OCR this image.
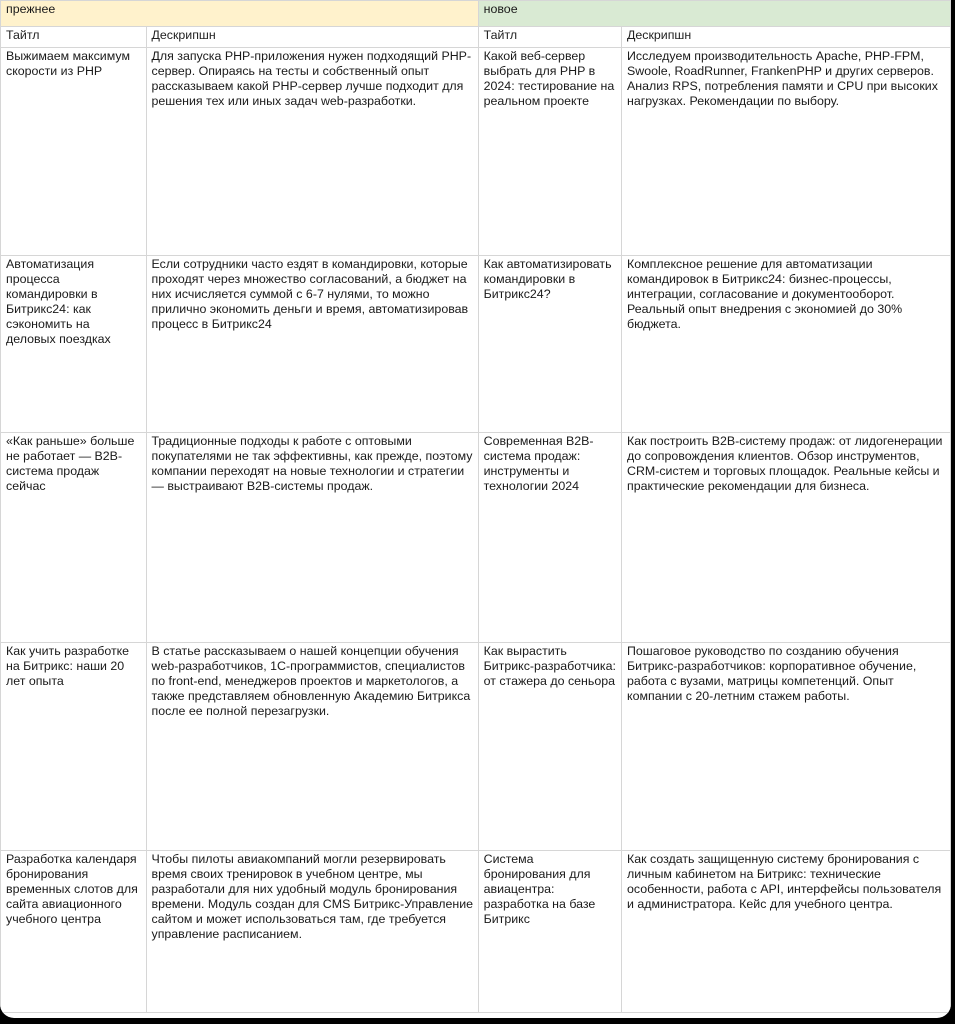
прежнее		новое	
Тайтл	Дескрипшн	Тайтл	Дескрипшн
Выжимаем максимум скорости из PHP	Для запуска PHP-приложения нужен подходящий PHP-сервер. Опираясь на тесты и собственный опыт рассказываем какой PHP-сервер лучше подходит для решения тех или иных задач web-разработки.	Какой веб-сервер выбрать для PHP в 2024: тестирование на реальном проекте	Исследуем производительность Apache, PHP-FPM, Swoole, RoadRunner, FrankenPHP и других серверов. Анализ RPS, потребления памяти и CPU при высоких нагрузках. Рекомендации по выбору.
Автоматизация процесса командировки в Битрикс24: как сэкономить на деловых поездках	Если сотрудники часто ездят в командировки, которые проходят через множество согласований, а бюджет на них исчисляется суммой с 6-7 нулями, то можно прилично экономить деньги и время, автоматизировав процесс в Битрикс24	Как автоматизировать командировки в Битрикс24?	Комплексное решение для автоматизации командировок в Битрикс24: бизнес-процессы, интеграции, согласование и документооборот. Реальный опыт внедрения с экономией до 30% бюджета.
«Как раньше» больше не работает — B2B-система продаж сейчас	Традиционные подходы к работе с оптовыми покупателями не так эффективны, как прежде, поэтому компании переходят на новые технологии и стратегии — выстраивают B2B-системы продаж.	Современная B2B-система продаж: инструменты и технологии 2024	Как построить B2B-систему продаж: от лидогенерации до сопровождения клиентов. Обзор инструментов, CRM-систем и торговых площадок. Реальные кейсы и практические рекомендации для бизнеса.
Как учить разработке на Битрикс: наши 20 лет опыта	В статье рассказываем о нашей концепции обучения web-разработчиков, 1С-программистов, специалистов по front-end, менеджеров проектов и маркетологов, а также представляем обновленную Академию Битрикса после ее полной перезагрузки.	Как вырастить Битрикс-разработчика: от стажера до сеньора	Пошаговое руководство по созданию обучения Битрикс-разработчиков: корпоративное обучение, работа с вузами, матрицы компетенций. Опыт компании с 20-летним стажем работы.
Разработка календаря бронирования временных слотов для сайта авиационного учебного центра	Чтобы пилоты авиакомпаний могли резервировать время своих тренировок в учебном центре, мы разработали для них удобный модуль бронирования времени. Модуль создан для CMS Битрикс-Управление сайтом и может использоваться там, где требуется управление расписанием.	Система бронирования для авиацентра: разработка на базе Битрикс	Как создать защищенную систему бронирования с личным кабинетом на Битрикс: технические особенности, работа с API, интерфейсы пользователя и администратора. Кейс для учебного центра.
